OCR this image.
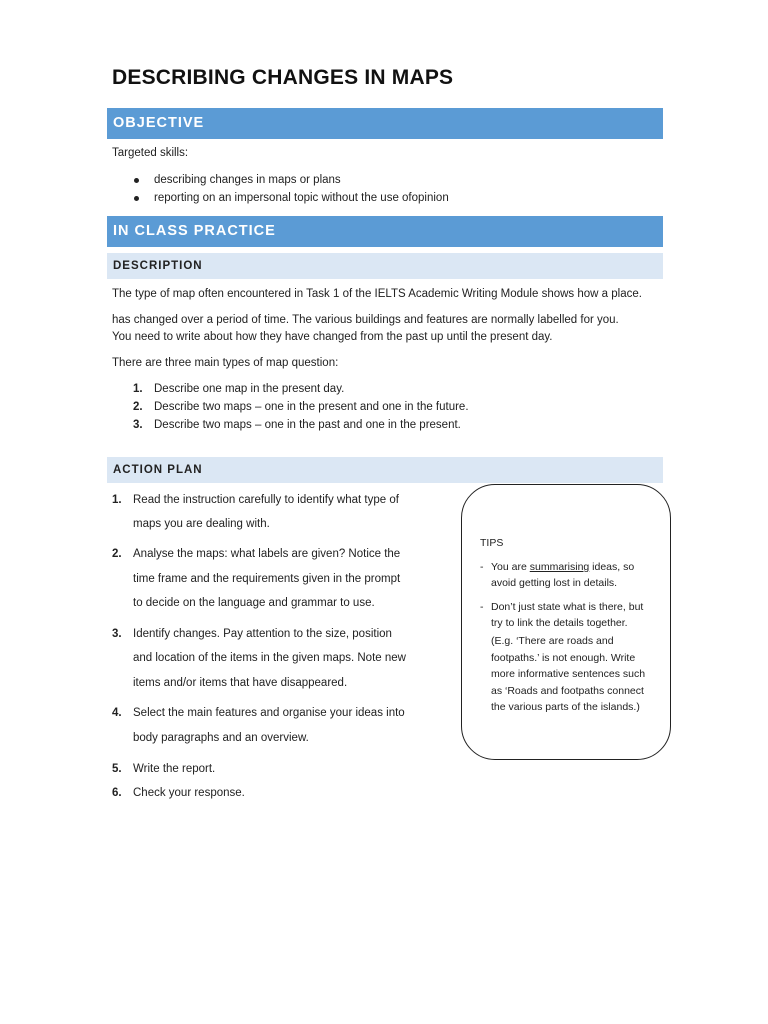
DESCRIBING CHANGES IN MAPS
OBJECTIVE
Targeted skills:
describing changes in maps or plans
reporting on an impersonal topic without the use ofopinion
IN CLASS PRACTICE
DESCRIPTION
The type of map often encountered in Task 1 of the IELTS Academic Writing Module shows how a place.
has changed over a period of time. The various buildings and features are normally labelled for you.
You need to write about how they have changed from the past up until the present day.
There are three main types of map question:
1. Describe one map in the present day.
2. Describe two maps – one in the present and one in the future.
3. Describe two maps – one in the past and one in the present.
ACTION PLAN
1. Read the instruction carefully to identify what type of
maps you are dealing with.
2. Analyse the maps: what labels are given? Notice the
time frame and the requirements given in the prompt
to decide on the language and grammar to use.
3. Identify changes. Pay attention to the size, position
and location of the items in the given maps. Note new
items and/or items that have disappeared.
4. Select the main features and organise your ideas into
body paragraphs and an overview.
5. Write the report.
6. Check your response.
TIPS
- You are summarising ideas, so
avoid getting lost in details.
- Don’t just state what is there, but
try to link the details together.
(E.g. ‘There are roads and
footpaths.’ is not enough. Write
more informative sentences such
as ‘Roads and footpaths connect
the various parts of the islands.)
